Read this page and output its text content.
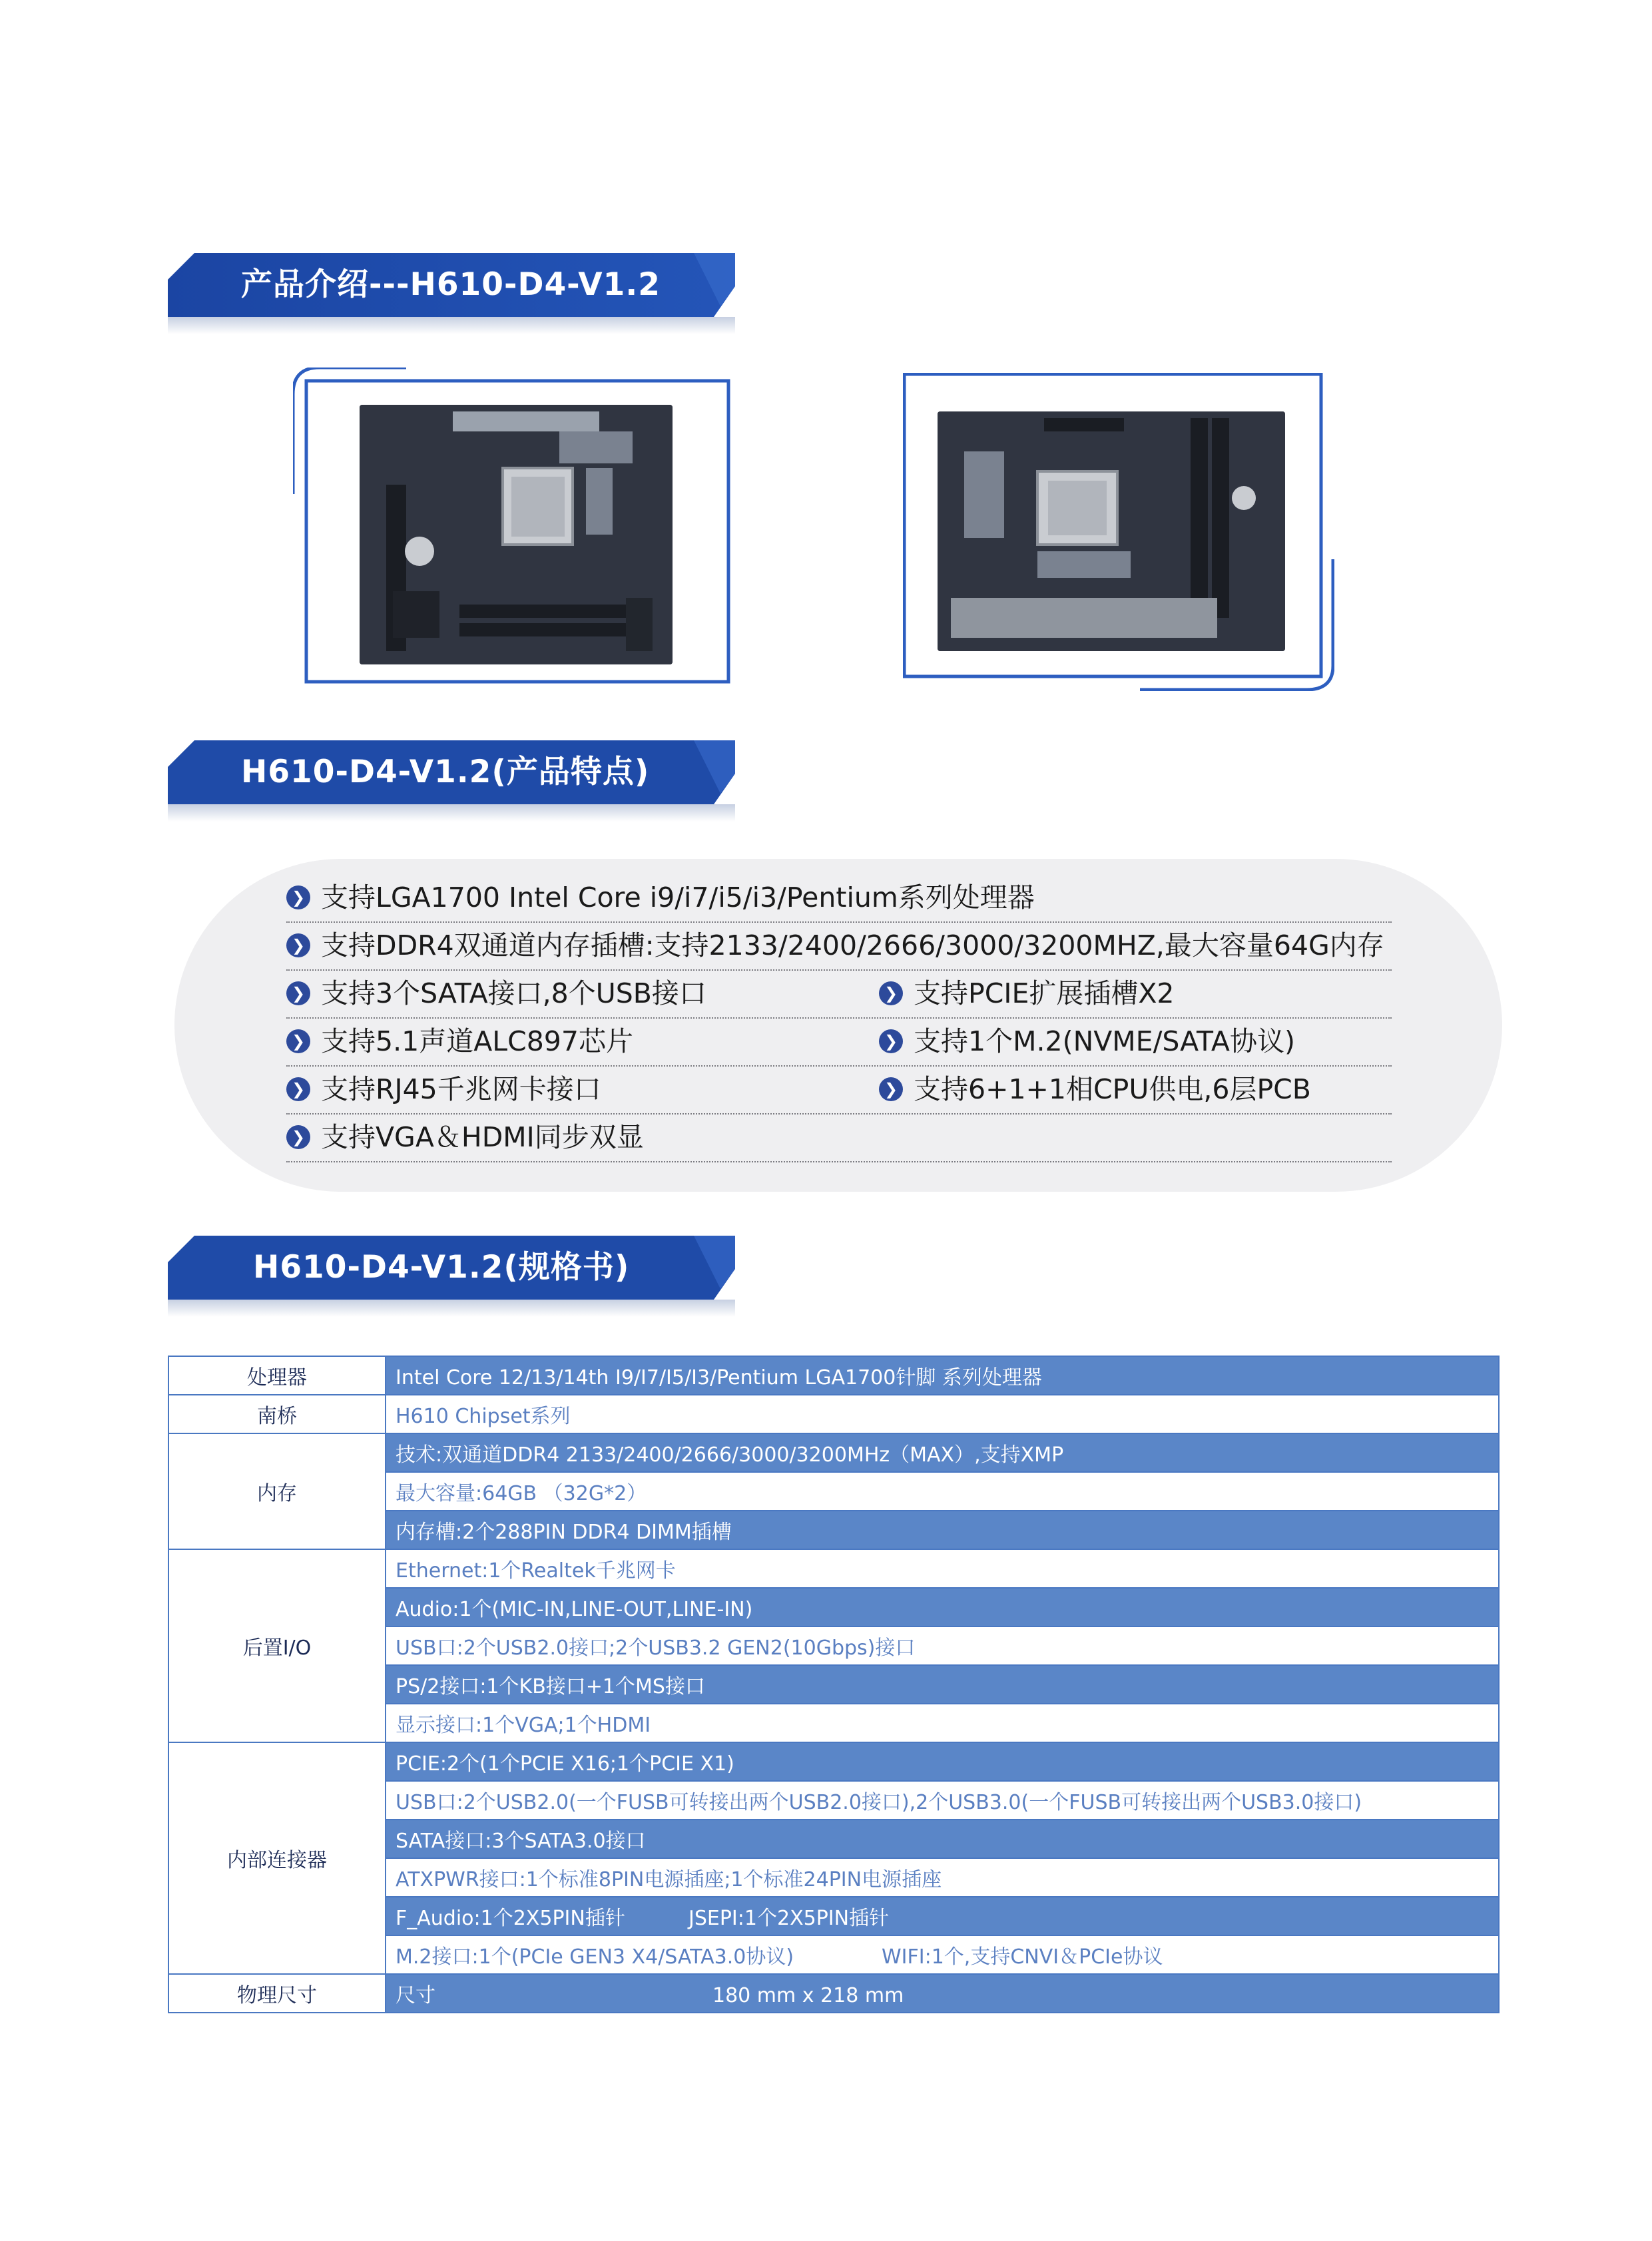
产品介绍---H610-D4-V1.2
H610-D4-V1.2(产品特点)
❯ 支持LGA1700 Intel Core i9/i7/i5/i3/Pentium系列处理器
❯ 支持DDR4双通道内存插槽:支持2133/2400/2666/3000/3200MHZ,最大容量64G内存
❯ 支持3个SATA接口,8个USB接口	❯ 支持PCIE扩展插槽X2
❯ 支持5.1声道ALC897芯片	❯ 支持1个M.2(NVME/SATA协议)
❯ 支持RJ45千兆网卡接口	❯ 支持6+1+1相CPU供电,6层PCB
❯ 支持VGA＆HDMI同步双显
H610-D4-V1.2(规格书)
处理器	Intel Core 12/13/14th I9/I7/I5/I3/Pentium LGA1700针脚 系列处理器
南桥	H610 Chipset系列
内存	技术:双通道DDR4 2133/2400/2666/3000/3200MHz（MAX）,支持XMP
	最大容量:64GB （32G*2）
	内存槽:2个288PIN DDR4 DIMM插槽
后置I/O	Ethernet:1个Realtek千兆网卡
	Audio:1个(MIC-IN,LINE-OUT,LINE-IN)
	USB口:2个USB2.0接口;2个USB3.2 GEN2(10Gbps)接口
	PS/2接口:1个KB接口+1个MS接口
	显示接口:1个VGA;1个HDMI
内部连接器	PCIE:2个(1个PCIE X16;1个PCIE X1)
	USB口:2个USB2.0(一个FUSB可转接出两个USB2.0接口),2个USB3.0(一个FUSB可转接出两个USB3.0接口)
	SATA接口:3个SATA3.0接口
	ATXPWR接口:1个标准8PIN电源插座;1个标准24PIN电源插座
	F_Audio:1个2X5PIN插针 JSEPI:1个2X5PIN插针
	M.2接口:1个(PCIe GEN3 X4/SATA3.0协议) WIFI:1个,支持CNVI＆PCIe协议
物理尺寸	尺寸 180 mm x 218 mm
